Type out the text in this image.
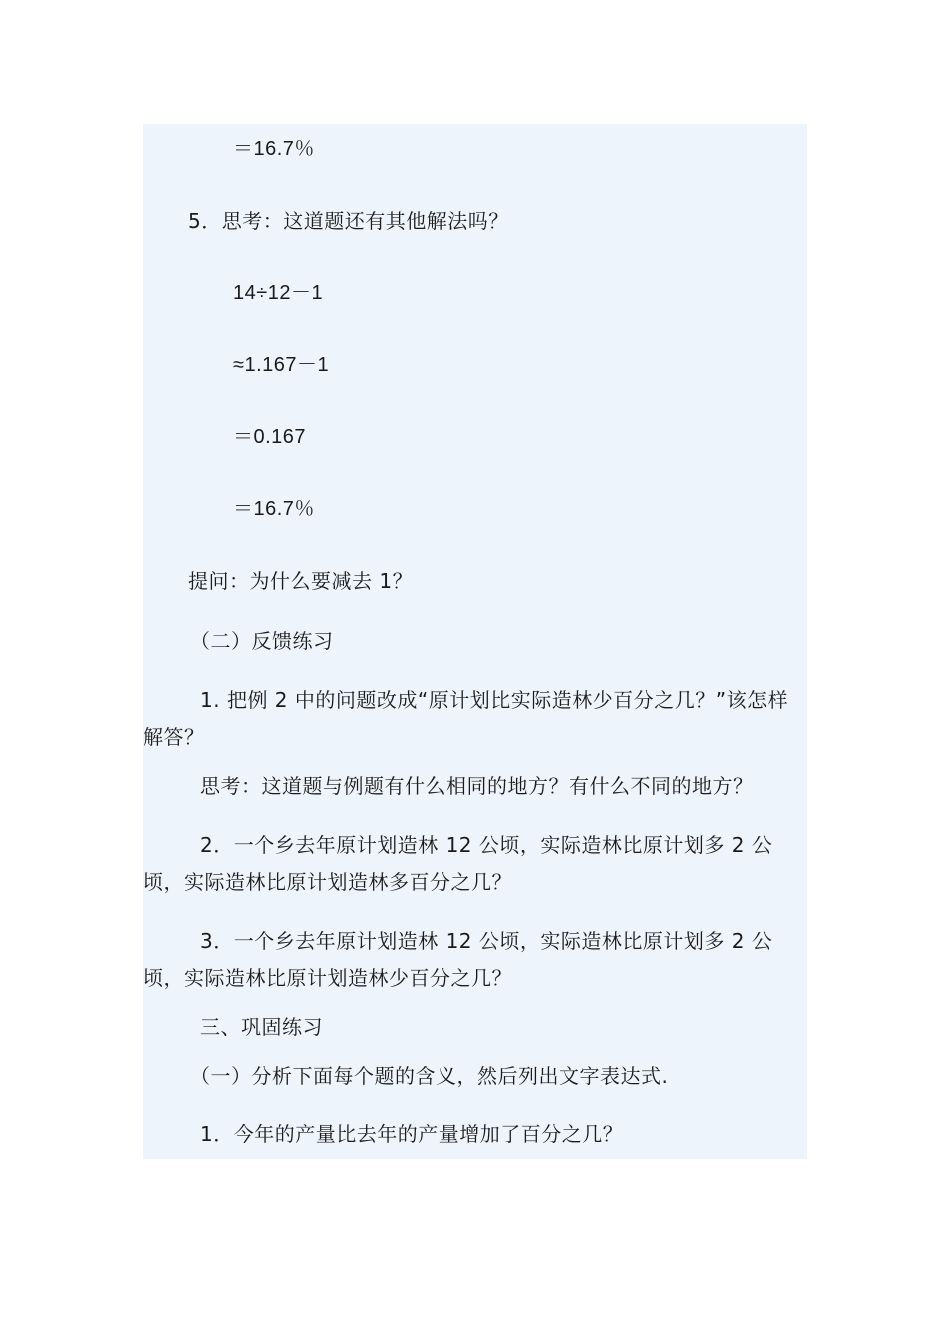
＝16.7％
5．思考：这道题还有其他解法吗？
14÷12－1
≈1.167－1
＝0.167
＝16.7％
提问：为什么要减去 1？
（二）反馈练习
1. 把例 2 中的问题改成“原计划比实际造林少百分之几？”该怎样解答？
思考：这道题与例题有什么相同的地方？有什么不同的地方？
2．一个乡去年原计划造林 12 公顷，实际造林比原计划多 2 公顷，实际造林比原计划造林多百分之几？
3．一个乡去年原计划造林 12 公顷，实际造林比原计划多 2 公顷，实际造林比原计划造林少百分之几？
三、巩固练习
（一）分析下面每个题的含义，然后列出文字表达式.
1．今年的产量比去年的产量增加了百分之几？
